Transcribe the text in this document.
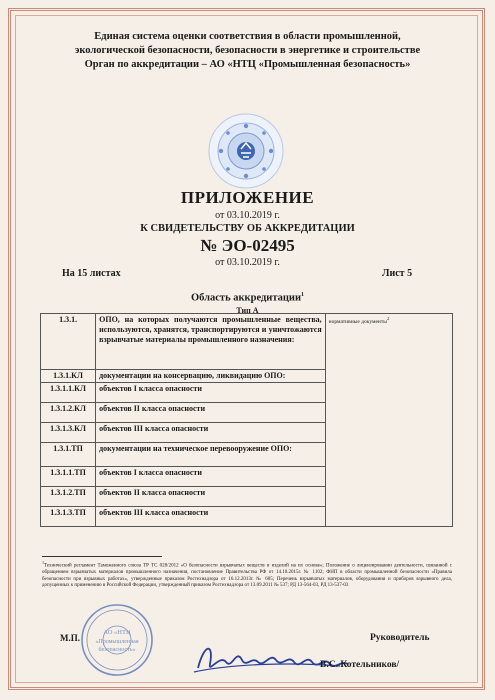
Единая система оценки соответствия в области промышленной,
экологической безопасности, безопасности в энергетике и строительстве
Орган по аккредитации – АО «НТЦ «Промышленная безопасность»
ПРИЛОЖЕНИЕ
от 03.10.2019 г.
К СВИДЕТЕЛЬСТВУ ОБ АККРЕДИТАЦИИ
№ ЭО-02495
от 03.10.2019 г.
На 15 листах	Лист 5
Область аккредитации$^1$
Тип А
1.3.1.	ОПО, на которых получаются промышленные вещества, используются, хранятся, транспортируются и уничтожаются взрывчатые материалы промышленного назначения:	нормативные документы$^2$
1.3.1.КЛ	документации на консервацию, ликвидацию ОПО:	
1.3.1.1.КЛ	объектов I класса опасности	
1.3.1.2.КЛ	объектов II класса опасности	
1.3.1.3.КЛ	объектов III класса опасности	
1.3.1.ТП	документации на техническое перевооружение ОПО:	
1.3.1.1.ТП	объектов I класса опасности	
1.3.1.2.ТП	объектов II класса опасности	
1.3.1.3.ТП	объектов III класса опасности	
$^1$Технический регламент Таможенного союза ТР ТС 028/2012 «О безопасности взрывчатых веществ и изделий на их основе»; Положение о лицензировании деятельности, связанной с обращением взрывчатых материалов промышленного назначения, постановление Правительства РФ от 14.10.2015г. № 1102; ФНП в области промышленной безопасности «Правила безопасности при взрывных работах», утвержденные приказом Ростехнадзора от 16.12.2013г. № 605; Перечень взрывчатых материалов, оборудования и приборов взрывного дела, допущенных к применению в Российской Федерации, утвержденный приказом Ростехнадзора от 13.09.2011 № 537; РД 13-564-03, РД 13-537-03
АО «НТЦ
«Промышленная
безопасность»
М.П.	Руководитель
В.С. Котельников/
